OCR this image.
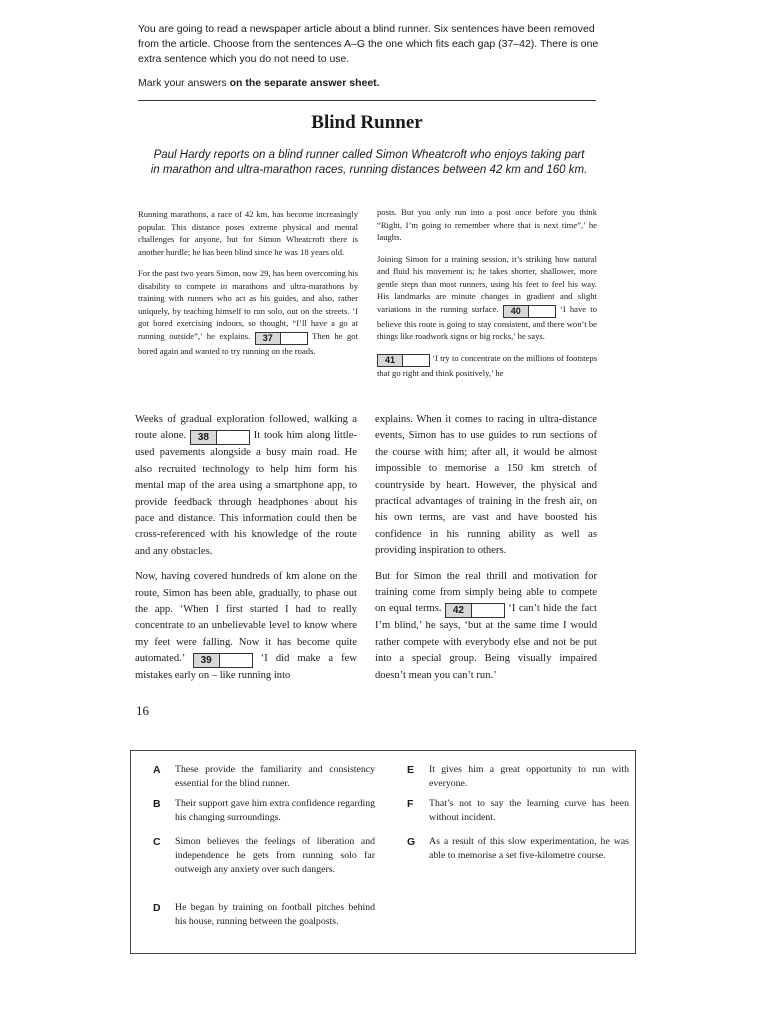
You are going to read a newspaper article about a blind runner. Six sentences have been removed from the article. Choose from the sentences A–G the one which fits each gap (37–42). There is one extra sentence which you do not need to use.

Mark your answers on the separate answer sheet.

Blind Runner
Paul Hardy reports on a blind runner called Simon Wheatcroft who enjoys taking part in marathon and ultra-marathon races, running distances between 42 km and 160 km.

Running marathons, a race of 42 km, has become increasingly popular. This distance poses extreme physical and mental challenges for anyone, but for Simon Wheatcroft there is another hurdle; he has been blind since he was 18 years old.

For the past two years Simon, now 29, has been overcoming his disability to compete in marathons and ultra-marathons by training with runners who act as his guides, and also, rather uniquely, by teaching himself to run solo, out on the streets. ‘I got bored exercising indoors, so thought, “I’ll have a go at running outside”,’ he explains. 37	Then he got bored again and wanted to try running on the roads.

Weeks of gradual exploration followed, walking a route alone. 38	It took him along little-used pavements alongside a busy main road. He also recruited technology to help him form his mental map of the area using a smartphone app, to provide feedback through headphones about his pace and distance. This information could then be cross-referenced with his knowledge of the route and any obstacles.

Now, having covered hundreds of km alone on the route, Simon has been able, gradually, to phase out the app. ‘When I first started I had to really concentrate to an unbelievable level to know where my feet were falling. Now it has become quite automated.’ 39	‘I did make a few mistakes early on – like running into

posts. But you only run into a post once before you think “Right, I’m going to remember where that is next time”,’ he laughs.

Joining Simon for a training session, it’s striking how natural and fluid his movement is; he takes shorter, shallower, more gentle steps than most runners, using his feet to feel his way. His landmarks are minute changes in gradient and slight variations in the running surface. 40	‘I have to believe this route is going to stay consistent, and there won’t be things like roadwork signs or big rocks,’ he says.

41	‘I try to concentrate on the millions of footsteps that go right and think positively,’ he

explains. When it comes to racing in ultra-distance events, Simon has to use guides to run sections of the course with him; after all, it would be almost impossible to memorise a 150 km stretch of countryside by heart. However, the physical and practical advantages of training in the fresh air, on his own terms, are vast and have boosted his confidence in his running ability as well as providing inspiration to others.

But for Simon the real thrill and motivation for training come from simply being able to compete on equal terms. 42	‘I can’t hide the fact I’m blind,’ he says, ‘but at the same time I would rather compete with everybody else and not be put into a special group. Being visually impaired doesn’t mean you can’t run.’

16
A These provide the familiarity and consistency essential for the blind runner.
B Their support gave him extra confidence regarding his changing surroundings.
C Simon believes the feelings of liberation and independence he gets from running solo far outweigh any anxiety over such dangers.
D He began by training on football pitches behind his house, running between the goalposts.
E It gives him a great opportunity to run with everyone.
F That’s not to say the learning curve has been without incident.
G As a result of this slow experimentation, he was able to memorise a set five-kilometre course.
